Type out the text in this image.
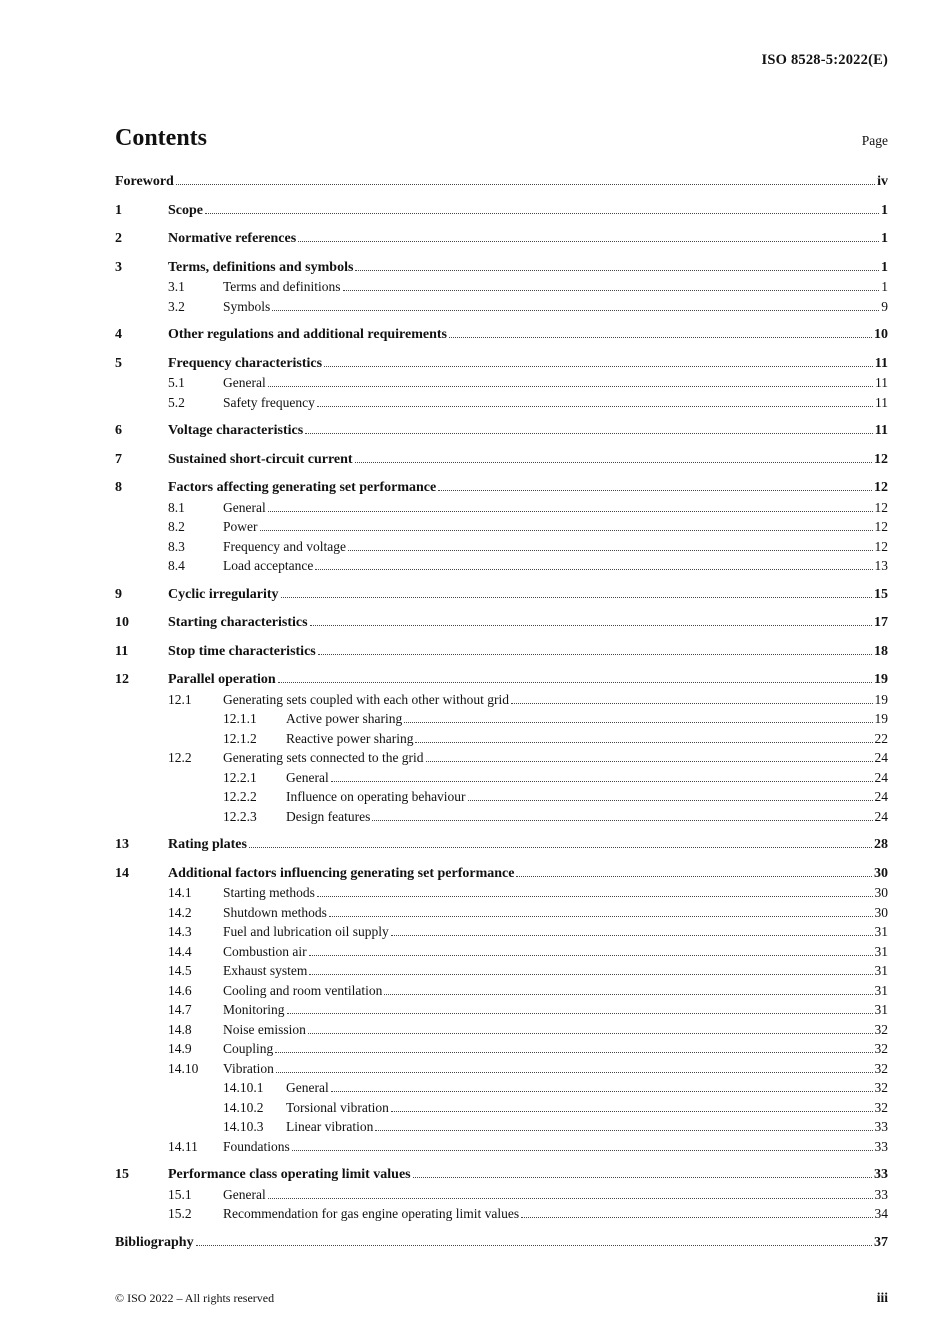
ISO 8528-5:2022(E)
Contents	Page
Foreword	iv
1	Scope	1
2	Normative references	1
3	Terms, definitions and symbols	1
3.1	Terms and definitions	1
3.2	Symbols	9
4	Other regulations and additional requirements	10
5	Frequency characteristics	11
5.1	General	11
5.2	Safety frequency	11
6	Voltage characteristics	11
7	Sustained short-circuit current	12
8	Factors affecting generating set performance	12
8.1	General	12
8.2	Power	12
8.3	Frequency and voltage	12
8.4	Load acceptance	13
9	Cyclic irregularity	15
10	Starting characteristics	17
11	Stop time characteristics	18
12	Parallel operation	19
12.1	Generating sets coupled with each other without grid	19
12.1.1	Active power sharing	19
12.1.2	Reactive power sharing	22
12.2	Generating sets connected to the grid	24
12.2.1	General	24
12.2.2	Influence on operating behaviour	24
12.2.3	Design features	24
13	Rating plates	28
14	Additional factors influencing generating set performance	30
14.1	Starting methods	30
14.2	Shutdown methods	30
14.3	Fuel and lubrication oil supply	31
14.4	Combustion air	31
14.5	Exhaust system	31
14.6	Cooling and room ventilation	31
14.7	Monitoring	31
14.8	Noise emission	32
14.9	Coupling	32
14.10	Vibration	32
14.10.1	General	32
14.10.2	Torsional vibration	32
14.10.3	Linear vibration	33
14.11	Foundations	33
15	Performance class operating limit values	33
15.1	General	33
15.2	Recommendation for gas engine operating limit values	34
Bibliography	37
© ISO 2022 – All rights reserved	iii
